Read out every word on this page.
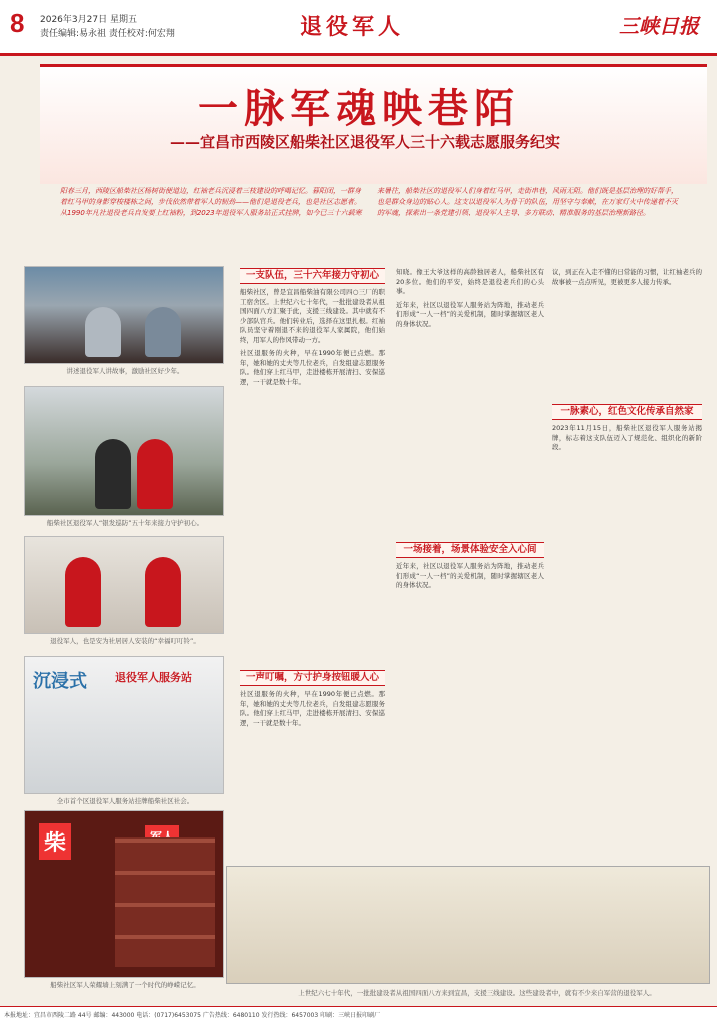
8 2026年3月27日 星期五
责任编辑:易永祖 责任校对:何宏翔	退役军人	三峡日报
一脉军魂映巷陌
——宜昌市西陵区船柴社区退役军人三十六载志愿服务纪实
阳春三月，西陵区船柴社区杨树街便道边，红袖老兵沉浸着三枝建设的呼喝记忆。暮阳闭，一群身着红马甲的身影穿梭楼栋之间，步伐依然带着军人的韧劲——他们是退役老兵，也是社区志愿者。从1990年凡社退役老兵自发要上红袖粉，到2023年退役军人服务站正式挂牌，如今已三十六载寒来暑往，船柴社区的退役军人们身着红马甲，走街串巷，风雨无阻。他们既是基层治理的好帮手，也是群众身边的贴心人。这支以退役军人为骨干的队伍，用坚守与奉献，在万家灯火中传递着不灭的军魂，探索出一条党建引领、退役军人主导、多方联动、精准服务的基层治理新路径。
讲述退役军人讲故事，激励社区好少年。
船柴社区退役军人“银发巡防”五十年来接力守护初心。
退役军人，也是安为社居居人安装的“幸福叮叮铃”。
沉浸式	退役军人服务站
全市首个区退役军人服务站挂牌船柴社区社会。
柴
船柴社区军人荣耀墙上刻满了一个时代的峥嵘记忆。
一支队伍，三十六年接力守初心

船柴社区，曾是宜昌船柴油有限公司四○三厂的职工宿舍区。上世纪六七十年代，一批批建设者从祖国四面八方汇聚于此，支援三线建设。其中就有不少部队官兵。他们转业后，选择在这里扎根。红袖队员坚守着刚退不来的退役军人家属院，他们始终，用军人的作风带动一方。

社区退服务的火种，早在1990年便已点燃。那年，她和她的丈夫等几位老兵，自发组建志愿服务队。他们穿上红马甲，走进楼栋开展清扫、安保巡逻，一干就是数十年。

一声叮嘱，方寸护身按钮暖人心

社区退服务的火种，早在1990年便已点燃。那年，她和她的丈夫等几位老兵，自发组建志愿服务队。他们穿上红马甲，走进楼栋开展清扫、安保巡逻，一干就是数十年。

知晓。像王大爷这样的高龄独居老人，船柴社区有20多位。他们的平安，始终是退役老兵们的心头事。

近年来，社区以退役军人服务站为阵地，推动老兵们形成“一人一档”的关爱机制，随时掌握辖区老人的身体状况。

一场接着，场景体验安全入心间

近年来，社区以退役军人服务站为阵地，推动老兵们形成“一人一档”的关爱机制，随时掌握辖区老人的身体状况。

议，到正在入走不懂的日常能的习惯，让红袖老兵的故事被一点点听见，更被更多人接力传承。

一脉素心，红色文化传承自然家

2023年11月15日，船柴社区退役军人服务站揭牌，标志着这支队伍迈入了规范化、组织化的新阶段。

上世纪六七十年代，一批批建设者从祖国四面八方来到宜昌，支援三线建设。这些建设者中，就有不少来自军营的退役军人。
本报地址：宜昌市西陵二路 44号 邮编：443000 电话：(0717)6453075 广告热线：6480110 发行热线：6457003 印刷：三峡日报印刷厂
